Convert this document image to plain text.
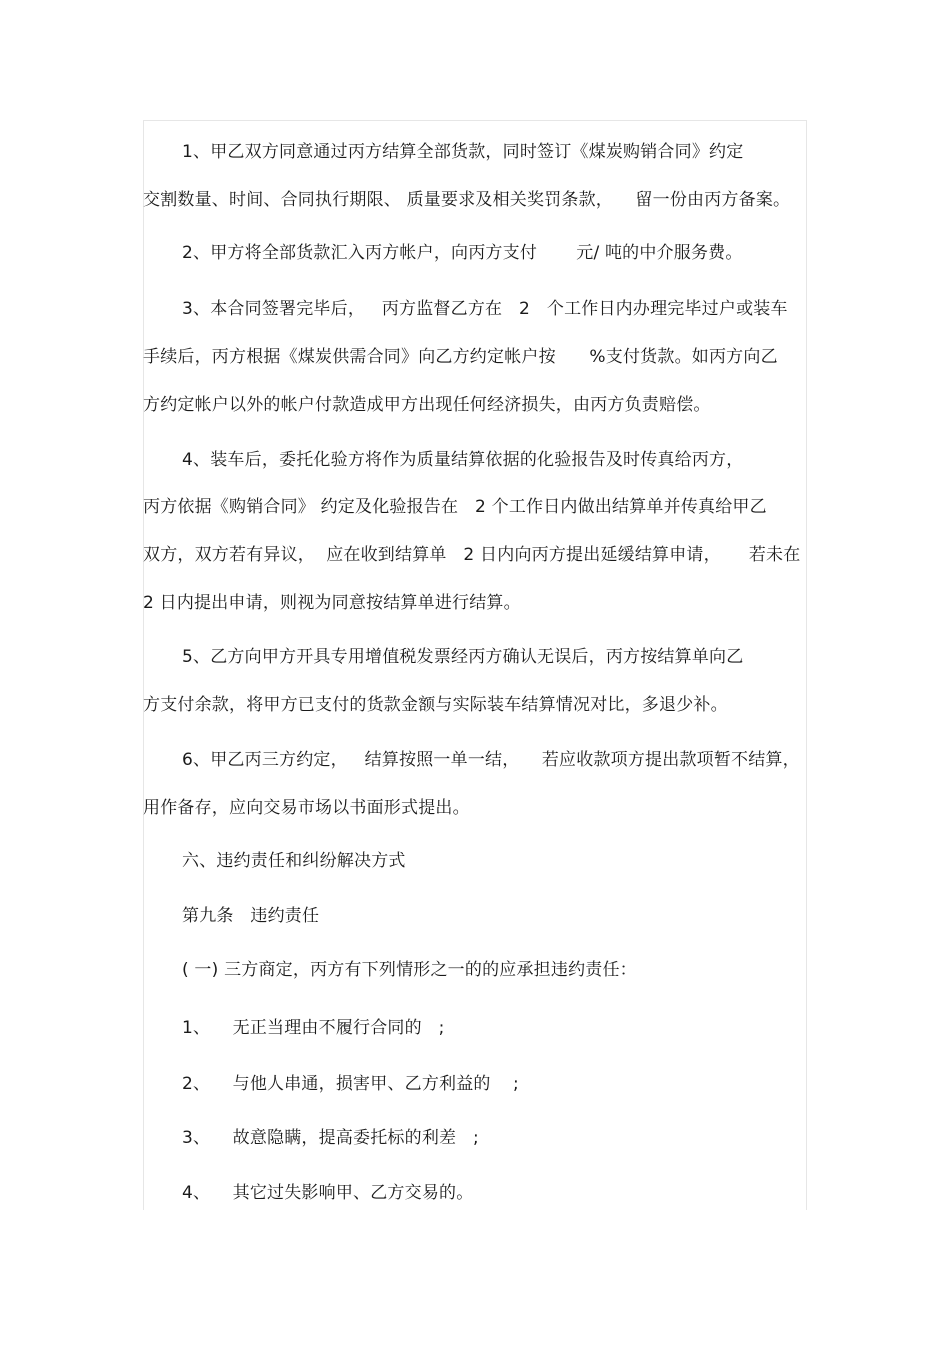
1、甲乙双方同意通过丙方结算全部货款，同时签订《煤炭购销合同》约定
交割数量、时间、合同执行期限、 质量要求及相关奖罚条款，    留一份由丙方备案。
2、甲方将全部货款汇入丙方帐户，向丙方支付       元/ 吨的中介服务费。
3、本合同签署完毕后，   丙方监督乙方在   2   个工作日内办理完毕过户或装车
手续后，丙方根据《煤炭供需合同》向乙方约定帐户按      %支付货款。如丙方向乙
方约定帐户以外的帐户付款造成甲方出现任何经济损失，由丙方负责赔偿。
4、装车后，委托化验方将作为质量结算依据的化验报告及时传真给丙方，
丙方依据《购销合同》 约定及化验报告在   2 个工作日内做出结算单并传真给甲乙
双方，双方若有异议，  应在收到结算单   2 日内向丙方提出延缓结算申请，     若未在
2 日内提出申请，则视为同意按结算单进行结算。
5、乙方向甲方开具专用增值税发票经丙方确认无误后，丙方按结算单向乙
方支付余款，将甲方已支付的货款金额与实际装车结算情况对比，多退少补。
6、甲乙丙三方约定，   结算按照一单一结，    若应收款项方提出款项暂不结算，
用作备存，应向交易市场以书面形式提出。
六、违约责任和纠纷解决方式
第九条   违约责任
( 一) 三方商定，丙方有下列情形之一的的应承担违约责任：
1、    无正当理由不履行合同的   ;
2、    与他人串通，损害甲、乙方利益的    ;
3、    故意隐瞒，提高委托标的利差   ;
4、    其它过失影响甲、乙方交易的。
